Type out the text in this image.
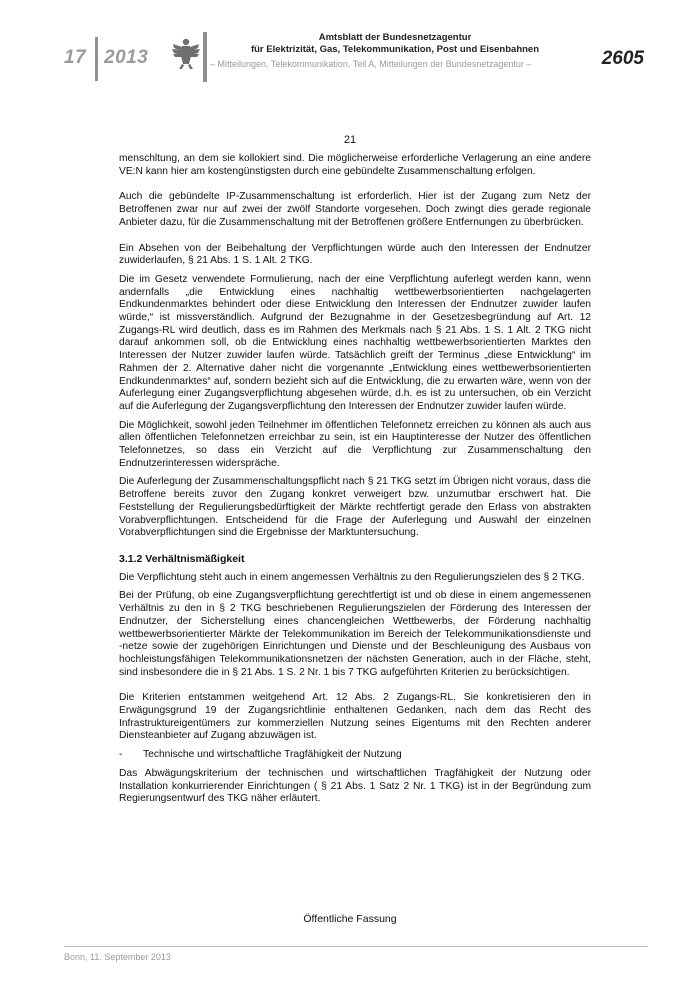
17 2013
Amtsblatt der Bundesnetzagentur
für Elektrizität, Gas, Telekommunikation, Post und Eisenbahnen
– Mitteilungen, Telekommunikation, Teil A, Mitteilungen der Bundesnetzagentur –	2605
21

menschltung, an dem sie kollokiert sind. Die möglicherweise erforderliche Verlagerung an eine andere VE:N kann hier am kostengünstigsten durch eine gebündelte Zusammenschaltung erfolgen.

Auch die gebündelte IP-Zusammenschaltung ist erforderlich. Hier ist der Zugang zum Netz der Betroffenen zwar nur auf zwei der zwölf Standorte vorgesehen. Doch zwingt dies gerade regionale Anbieter dazu, für die Zusammenschaltung mit der Betroffenen größere Entfernungen zu überbrücken.

Ein Absehen von der Beibehaltung der Verpflichtungen würde auch den Interessen der Endnutzer zuwiderlaufen, § 21 Abs. 1 S. 1 Alt. 2 TKG.

Die im Gesetz verwendete Formulierung, nach der eine Verpflichtung auferlegt werden kann, wenn andernfalls „die Entwicklung eines nachhaltig wettbewerbsorientierten nachgelagerten Endkundenmarktes behindert oder diese Entwicklung den Interessen der Endnutzer zuwider laufen würde,“ ist missverständlich. Aufgrund der Bezugnahme in der Gesetzesbegründung auf Art. 12 Zugangs-RL wird deutlich, dass es im Rahmen des Merkmals nach § 21 Abs. 1 S. 1 Alt. 2 TKG nicht darauf ankommen soll, ob die Entwicklung eines nachhaltig wettbewerbsorientierten Marktes den Interessen der Nutzer zuwider laufen würde. Tatsächlich greift der Terminus „diese Entwicklung“ im Rahmen der 2. Alternative daher nicht die vorgenannte „Entwicklung eines wettbewerbsorientierten Endkundenmarktes“ auf, sondern bezieht sich auf die Entwicklung, die zu erwarten wäre, wenn von der Auferlegung einer Zugangsverpflichtung abgesehen würde, d.h. es ist zu untersuchen, ob ein Verzicht auf die Auferlegung der Zugangsverpflichtung den Interessen der Endnutzer zuwider laufen würde.

Die Möglichkeit, sowohl jeden Teilnehmer im öffentlichen Telefonnetz erreichen zu können als auch aus allen öffentlichen Telefonnetzen erreichbar zu sein, ist ein Hauptinteresse der Nutzer des öffentlichen Telefonnetzes, so dass ein Verzicht auf die Verpflichtung zur Zusammenschaltung den Endnutzerinteressen widerspräche.

Die Auferlegung der Zusammenschaltungspflicht nach § 21 TKG setzt im Übrigen nicht voraus, dass die Betroffene bereits zuvor den Zugang konkret verweigert bzw. unzumutbar erschwert hat. Die Feststellung der Regulierungsbedürftigkeit der Märkte rechtfertigt gerade den Erlass von abstrakten Vorabverpflichtungen. Entscheidend für die Frage der Auferlegung und Auswahl der einzelnen Vorabverpflichtungen sind die Ergebnisse der Marktuntersuchung.

3.1.2 Verhältnismäßigkeit

Die Verpflichtung steht auch in einem angemessen Verhältnis zu den Regulierungszielen des § 2 TKG.

Bei der Prüfung, ob eine Zugangsverpflichtung gerechtfertigt ist und ob diese in einem angemessenen Verhältnis zu den in § 2 TKG beschriebenen Regulierungszielen der Förderung des Interessen der Endnutzer, der Sicherstellung eines chancengleichen Wettbewerbs, der Förderung nachhaltig wettbewerbsorientierter Märkte der Telekommunikation im Bereich der Telekommunikationsdienste und -netze sowie der zugehörigen Einrichtungen und Dienste und der Beschleunigung des Ausbaus von hochleistungsfähigen Telekommunikationsnetzen der nächsten Generation, auch in der Fläche, steht, sind insbesondere die in § 21 Abs. 1 S. 2 Nr. 1 bis 7 TKG aufgeführten Kriterien zu berücksichtigen.

Die Kriterien entstammen weitgehend Art. 12 Abs. 2 Zugangs-RL. Sie konkretisieren den in Erwägungsgrund 19 der Zugangsrichtlinie enthaltenen Gedanken, nach dem das Recht des Infrastruktureigentümers zur kommerziellen Nutzung seines Eigentums mit den Rechten anderer Diensteanbieter auf Zugang abzuwägen ist.

-	Technische und wirtschaftliche Tragfähigkeit der Nutzung

Das Abwägungskriterium der technischen und wirtschaftlichen Tragfähigkeit der Nutzung oder Installation konkurrierender Einrichtungen ( § 21 Abs. 1 Satz 2 Nr. 1 TKG) ist in der Begründung zum Regierungsentwurf des TKG näher erläutert.

Öffentliche Fassung
Bonn, 11. September 2013
